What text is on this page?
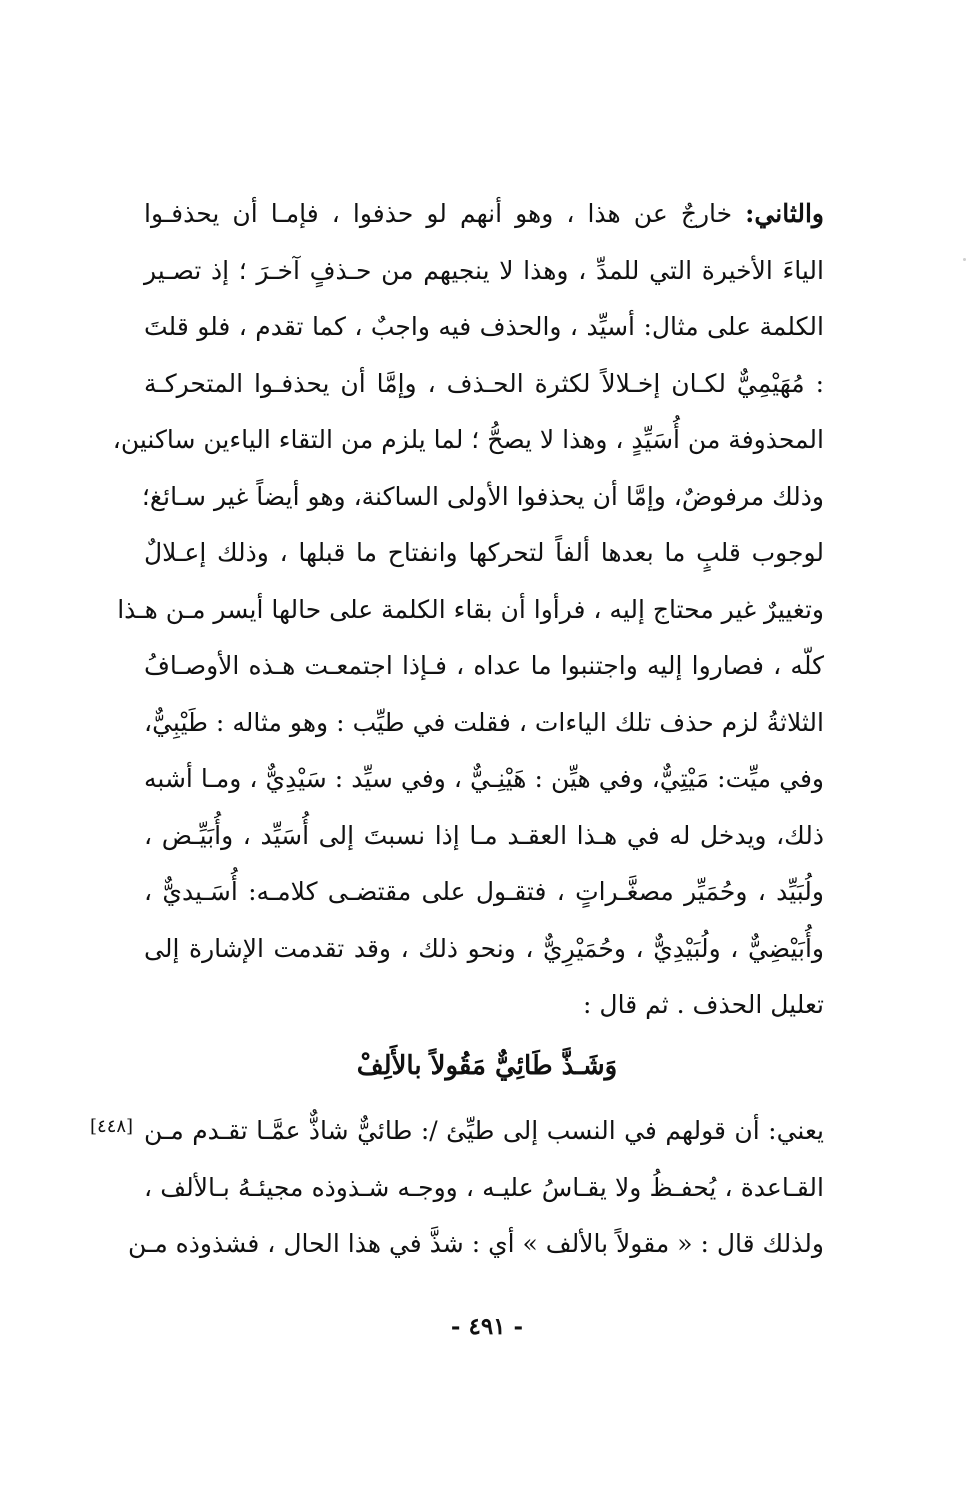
والثاني: خارجٌ عن هذا ، وهو أنهم لو حذفوا ، فإمـا أن يحذفـوا
الياءَ الأخيرة التي للمدِّ ، وهذا لا ينجيهم من حـذفٍ آخـرَ ؛ إذ تصـير
الكلمة على مثال: أسيِّد ، والحذف فيه واجبٌ ، كما تقدم ، فلو قلتَ
: مُهَيْمِيٌّ لكـان إخـلالاً لكثرة الحـذف ، وإمَّا أن يحذفـوا المتحركـة
المحذوفة من أُسَيِّدٍ ، وهذا لا يصحُّ ؛ لما يلزم من التقاء الياءين ساكنين،
وذلك مرفوضٌ، وإمَّا أن يحذفوا الأولى الساكنة، وهو أيضاً غير سـائغ؛
لوجوب قلبٍ ما بعدها ألفاً لتحركها وانفتاح ما قبلها ، وذلك إعـلالٌ
وتغييرٌ غير محتاج إليه ، فرأوا أن بقاء الكلمة على حالها أيسر مـن هـذا
كلّه ، فصاروا إليه واجتنبوا ما عداه ، فـإذا اجتمعـت هـذه الأوصـافُ
الثلاثةُ لزم حذف تلك الياءات ، فقلت في طيِّب : وهو مثاله : طَيْبِيٌّ،
وفي ميِّت: مَيْتِيٌّ، وفي هيِّن : هَيْنِـيٌّ ، وفي سيِّد : سَيْدِيٌّ ، ومـا أشبه
ذلك، ويدخل له في هـذا العقـد مـا إذا نسبتَ إلى أُسَيِّد ، وأُبَيِّـض ،
ولُبَيِّد ، وحُمَيِّر مصغَّـراتٍ ، فتقـول على مقتضـى كلامـه: أُسَـيديٌّ ،
وأُبَيْضِيٌّ ، ولُبَيْدِيٌّ ، وحُمَيْرِيٌّ ، ونحو ذلك ، وقد تقدمت الإشارة إلى
تعليل الحذف . ثم قال :
وَشَـذَّ طَائِيٌّ مَقُولاً بالأَلِفْ
[٤٤٨] يعني: أن قولهم في النسب إلى طيِّئ /: طائيٌّ شاذٌّ عمَّـا تقـدم مـن
القـاعدة ، يُحفـظُ ولا يقـاسُ عليـه ، ووجـه شـذوذه مجيئـهُ بـالألف ،
ولذلك قال : « مقولاً بالألف » أي : شذَّ في هذا الحال ، فشذوذه مـن
- ٤٩١ -
